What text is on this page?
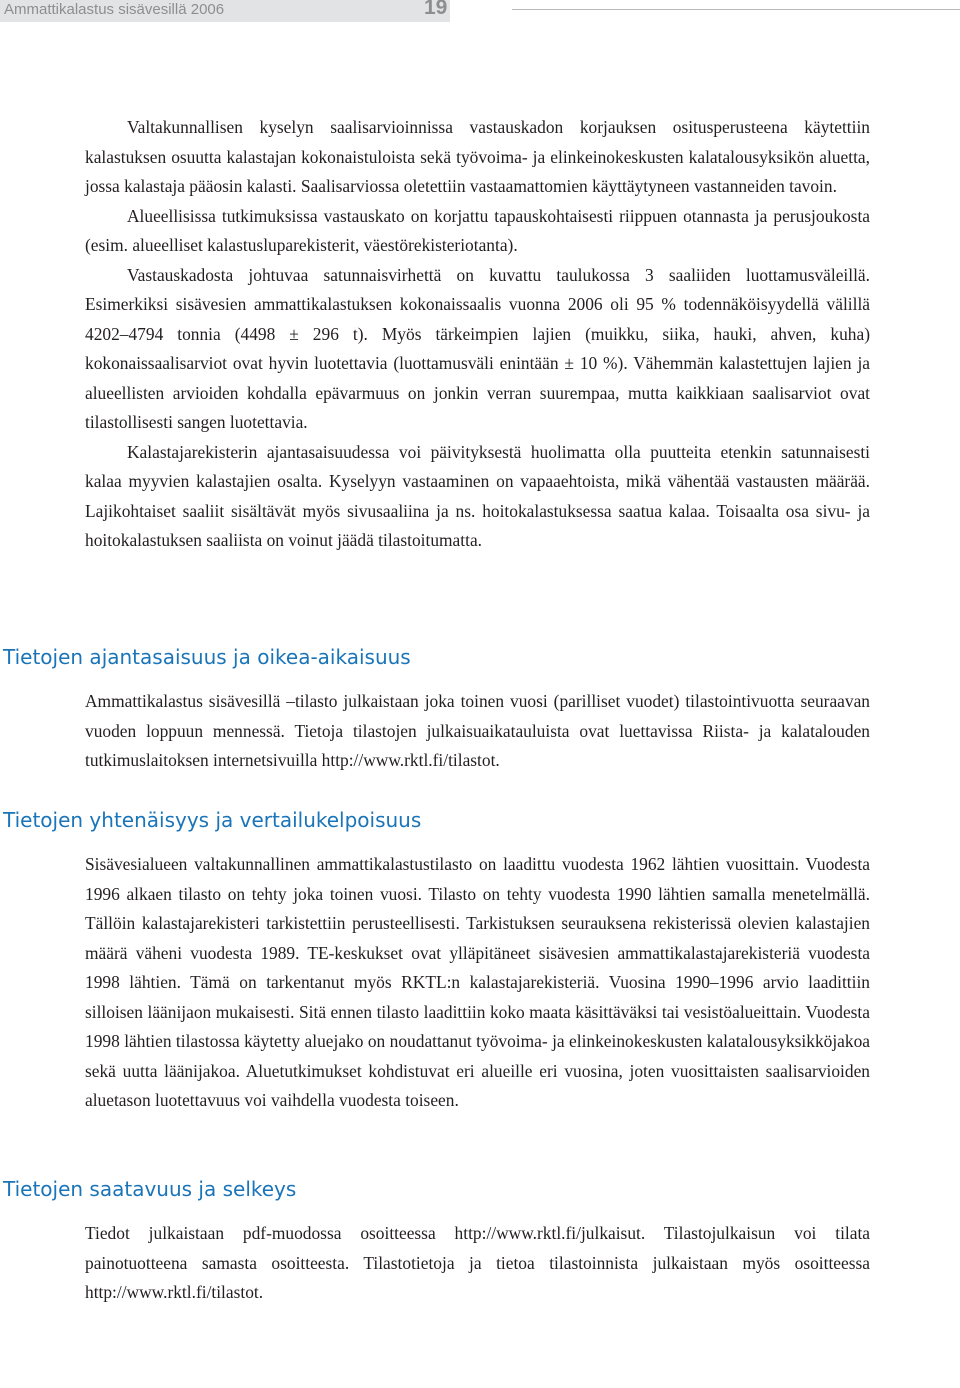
Ammattikalastus sisävesillä 2006	19

Valtakunnallisen kyselyn saalisarvioinnissa vastauskadon korjauksen ositusperusteena käytettiin kalastuksen osuutta kalastajan kokonaistuloista sekä työvoima- ja elinkeinokeskusten kalatalousyksikön aluetta, jossa kalastaja pääosin kalasti. Saalisarviossa oletettiin vastaamattomien käyttäytyneen vastanneiden tavoin.

Alueellisissa tutkimuksissa vastauskato on korjattu tapauskohtaisesti riippuen otannasta ja perusjoukosta (esim. alueelliset kalastusluparekisterit, väestörekisteriotanta).

Vastauskadosta johtuvaa satunnaisvirhettä on kuvattu taulukossa 3 saaliiden luottamusväleillä. Esimerkiksi sisävesien ammattikalastuksen kokonaissaalis vuonna 2006 oli 95 % todennäköisyydellä välillä 4202–4794 tonnia (4498 ± 296 t). Myös tärkeimpien lajien (muikku, siika, hauki, ahven, kuha) kokonaissaalisarviot ovat hyvin luotettavia (luottamusväli enintään ± 10 %). Vähemmän kalastettujen lajien ja alueellisten arvioiden kohdalla epävarmuus on jonkin verran suurempaa, mutta kaikkiaan saalisarviot ovat tilastollisesti sangen luotettavia.

Kalastajarekisterin ajantasaisuudessa voi päivityksestä huolimatta olla puutteita etenkin satunnaisesti kalaa myyvien kalastajien osalta. Kyselyyn vastaaminen on vapaaehtoista, mikä vähentää vastausten määrää. Lajikohtaiset saaliit sisältävät myös sivusaaliina ja ns. hoitokalastuksessa saatua kalaa. Toisaalta osa sivu- ja hoitokalastuksen saaliista on voinut jäädä tilastoitumatta.

Tietojen ajantasaisuus ja oikea-aikaisuus

Ammattikalastus sisävesillä –tilasto julkaistaan joka toinen vuosi (parilliset vuodet) tilastointivuotta seuraavan vuoden loppuun mennessä. Tietoja tilastojen julkaisuaikatauluista ovat luettavissa Riista- ja kalatalouden tutkimuslaitoksen internetsivuilla http://www.rktl.fi/tilastot.

Tietojen yhtenäisyys ja vertailukelpoisuus

Sisävesialueen valtakunnallinen ammattikalastustilasto on laadittu vuodesta 1962 lähtien vuosittain. Vuodesta 1996 alkaen tilasto on tehty joka toinen vuosi. Tilasto on tehty vuodesta 1990 lähtien samalla menetelmällä. Tällöin kalastajarekisteri tarkistettiin perusteellisesti. Tarkistuksen seurauksena rekisterissä olevien kalastajien määrä väheni vuodesta 1989. TE-keskukset ovat ylläpitäneet sisävesien ammattikalastajarekisteriä vuodesta 1998 lähtien. Tämä on tarkentanut myös RKTL:n kalastajarekisteriä. Vuosina 1990–1996 arvio laadittiin silloisen läänijaon mukaisesti. Sitä ennen tilasto laadittiin koko maata käsittäväksi tai vesistöalueittain. Vuodesta 1998 lähtien tilastossa käytetty aluejako on noudattanut työvoima- ja elinkeinokeskusten kalatalousyksikköjakoa sekä uutta läänijakoa. Aluetutkimukset kohdistuvat eri alueille eri vuosina, joten vuosittaisten saalisarvioiden aluetason luotettavuus voi vaihdella vuodesta toiseen.

Tietojen saatavuus ja selkeys

Tiedot julkaistaan pdf-muodossa osoitteessa http://www.rktl.fi/julkaisut. Tilastojulkaisun voi tilata painotuotteena samasta osoitteesta. Tilastotietoja ja tietoa tilastoinnista julkaistaan myös osoitteessa http://www.rktl.fi/tilastot.
